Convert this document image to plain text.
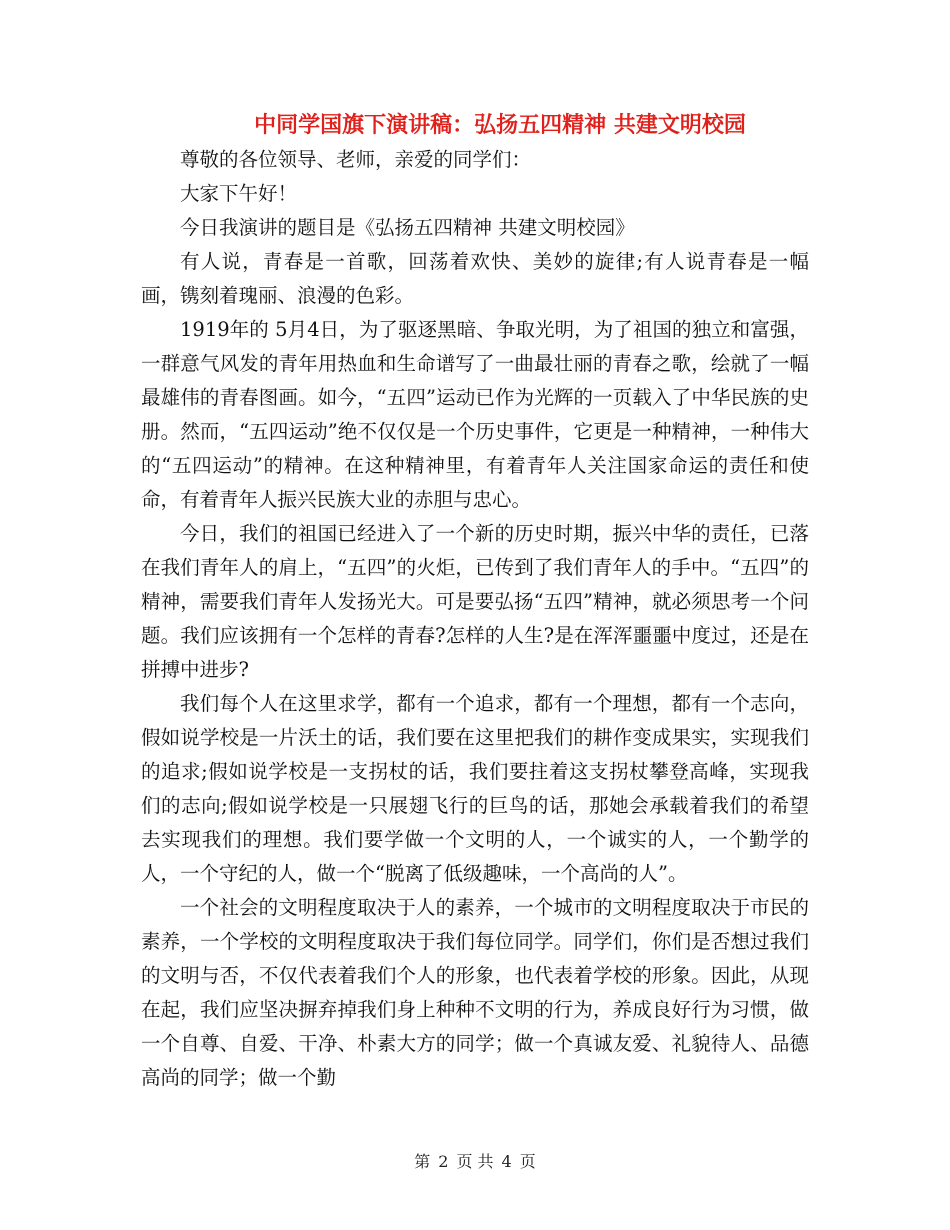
中同学国旗下演讲稿：弘扬五四精神 共建文明校园

尊敬的各位领导、老师，亲爱的同学们：

大家下午好！

今日我演讲的题目是《弘扬五四精神 共建文明校园》

有人说，青春是一首歌，回荡着欢快、美妙的旋律;有人说青春是一幅画，镌刻着瑰丽、浪漫的色彩。

1919年的 5月4日，为了驱逐黑暗、争取光明，为了祖国的独立和富强，一群意气风发的青年用热血和生命谱写了一曲最壮丽的青春之歌，绘就了一幅最雄伟的青春图画。如今，“五四”运动已作为光辉的一页载入了中华民族的史册。然而，“五四运动”绝不仅仅是一个历史事件，它更是一种精神，一种伟大的“五四运动”的精神。在这种精神里，有着青年人关注国家命运的责任和使命，有着青年人振兴民族大业的赤胆与忠心。

今日，我们的祖国已经进入了一个新的历史时期，振兴中华的责任，已落在我们青年人的肩上，“五四”的火炬，已传到了我们青年人的手中。“五四”的精神，需要我们青年人发扬光大。可是要弘扬“五四”精神，就必须思考一个问题。我们应该拥有一个怎样的青春?怎样的人生?是在浑浑噩噩中度过，还是在拼搏中进步?

我们每个人在这里求学，都有一个追求，都有一个理想，都有一个志向，假如说学校是一片沃土的话，我们要在这里把我们的耕作变成果实，实现我们的追求;假如说学校是一支拐杖的话，我们要拄着这支拐杖攀登高峰，实现我们的志向;假如说学校是一只展翅飞行的巨鸟的话，那她会承载着我们的希望去实现我们的理想。我们要学做一个文明的人，一个诚实的人，一个勤学的人，一个守纪的人，做一个“脱离了低级趣味，一个高尚的人”。

一个社会的文明程度取决于人的素养，一个城市的文明程度取决于市民的素养，一个学校的文明程度取决于我们每位同学。同学们，你们是否想过我们的文明与否，不仅代表着我们个人的形象，也代表着学校的形象。因此，从现在起，我们应坚决摒弃掉我们身上种种不文明的行为，养成良好行为习惯，做一个自尊、自爱、干净、朴素大方的同学；做一个真诚友爱、礼貌待人、品德高尚的同学；做一个勤

第 2 页 共 4 页
